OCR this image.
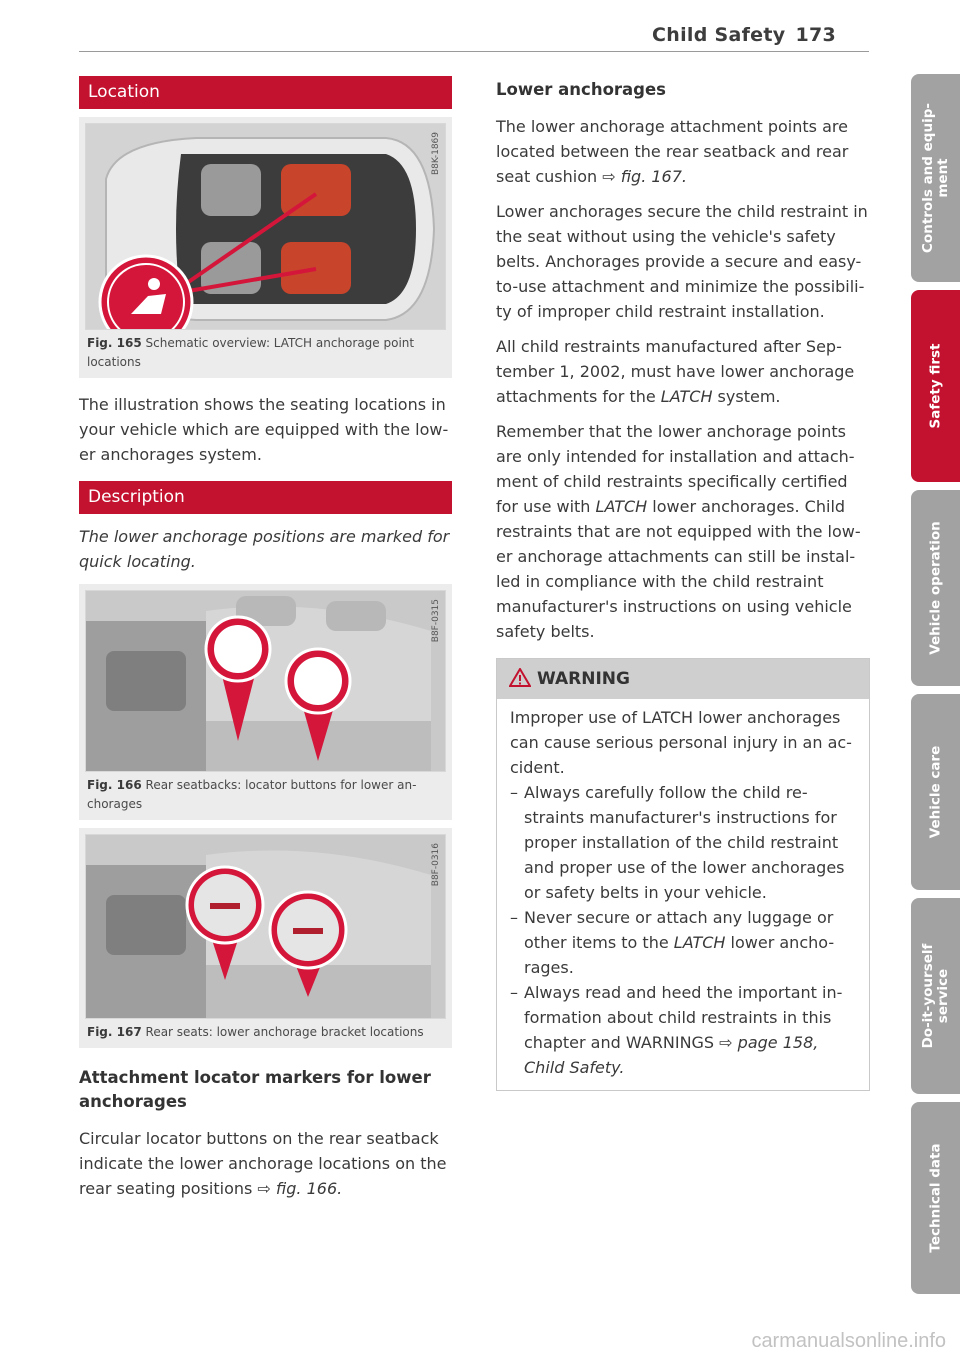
Child Safety 173
Location
B8K-1869
Fig. 165 Schematic overview: LATCH anchorage point locations

The illustration shows the seating locations in your vehicle which are equipped with the low-er anchorages system.

Description

The lower anchorage positions are marked for quick locating.

B8F-0315
Fig. 166 Rear seatbacks: locator buttons for lower an-chorages
B8F-0316
Fig. 167 Rear seats: lower anchorage bracket locations
Attachment locator markers for lower anchorages

Circular locator buttons on the rear seatback indicate the lower anchorage locations on the rear seating positions ⇨ fig. 166.

Lower anchorages

The lower anchorage attachment points are located between the rear seatback and rear seat cushion ⇨ fig. 167.

Lower anchorages secure the child restraint in the seat without using the vehicle's safety belts. Anchorages provide a secure and easy-to-use attachment and minimize the possibili-ty of improper child restraint installation.

All child restraints manufactured after Sep-tember 1, 2002, must have lower anchorage attachments for the LATCH system.

Remember that the lower anchorage points are only intended for installation and attach-ment of child restraints specifically certified for use with LATCH lower anchorages. Child restraints that are not equipped with the low-er anchorage attachments can still be instal-led in compliance with the child restraint manufacturer's instructions on using vehicle safety belts.

WARNING
Improper use of LATCH lower anchorages can cause serious personal injury in an ac-cident.
– Always carefully follow the child re-straints manufacturer's instructions for proper installation of the child restraint and proper use of the lower anchorages or safety belts in your vehicle.
– Never secure or attach any luggage or other items to the LATCH lower ancho-rages.
– Always read and heed the important in-formation about child restraints in this chapter and WARNINGS ⇨ page 158, Child Safety.
Controls and equip-
ment
Safety first
Vehicle operation
Vehicle care
Do-it-yourself
service
Technical data
carmanualsonline.info
